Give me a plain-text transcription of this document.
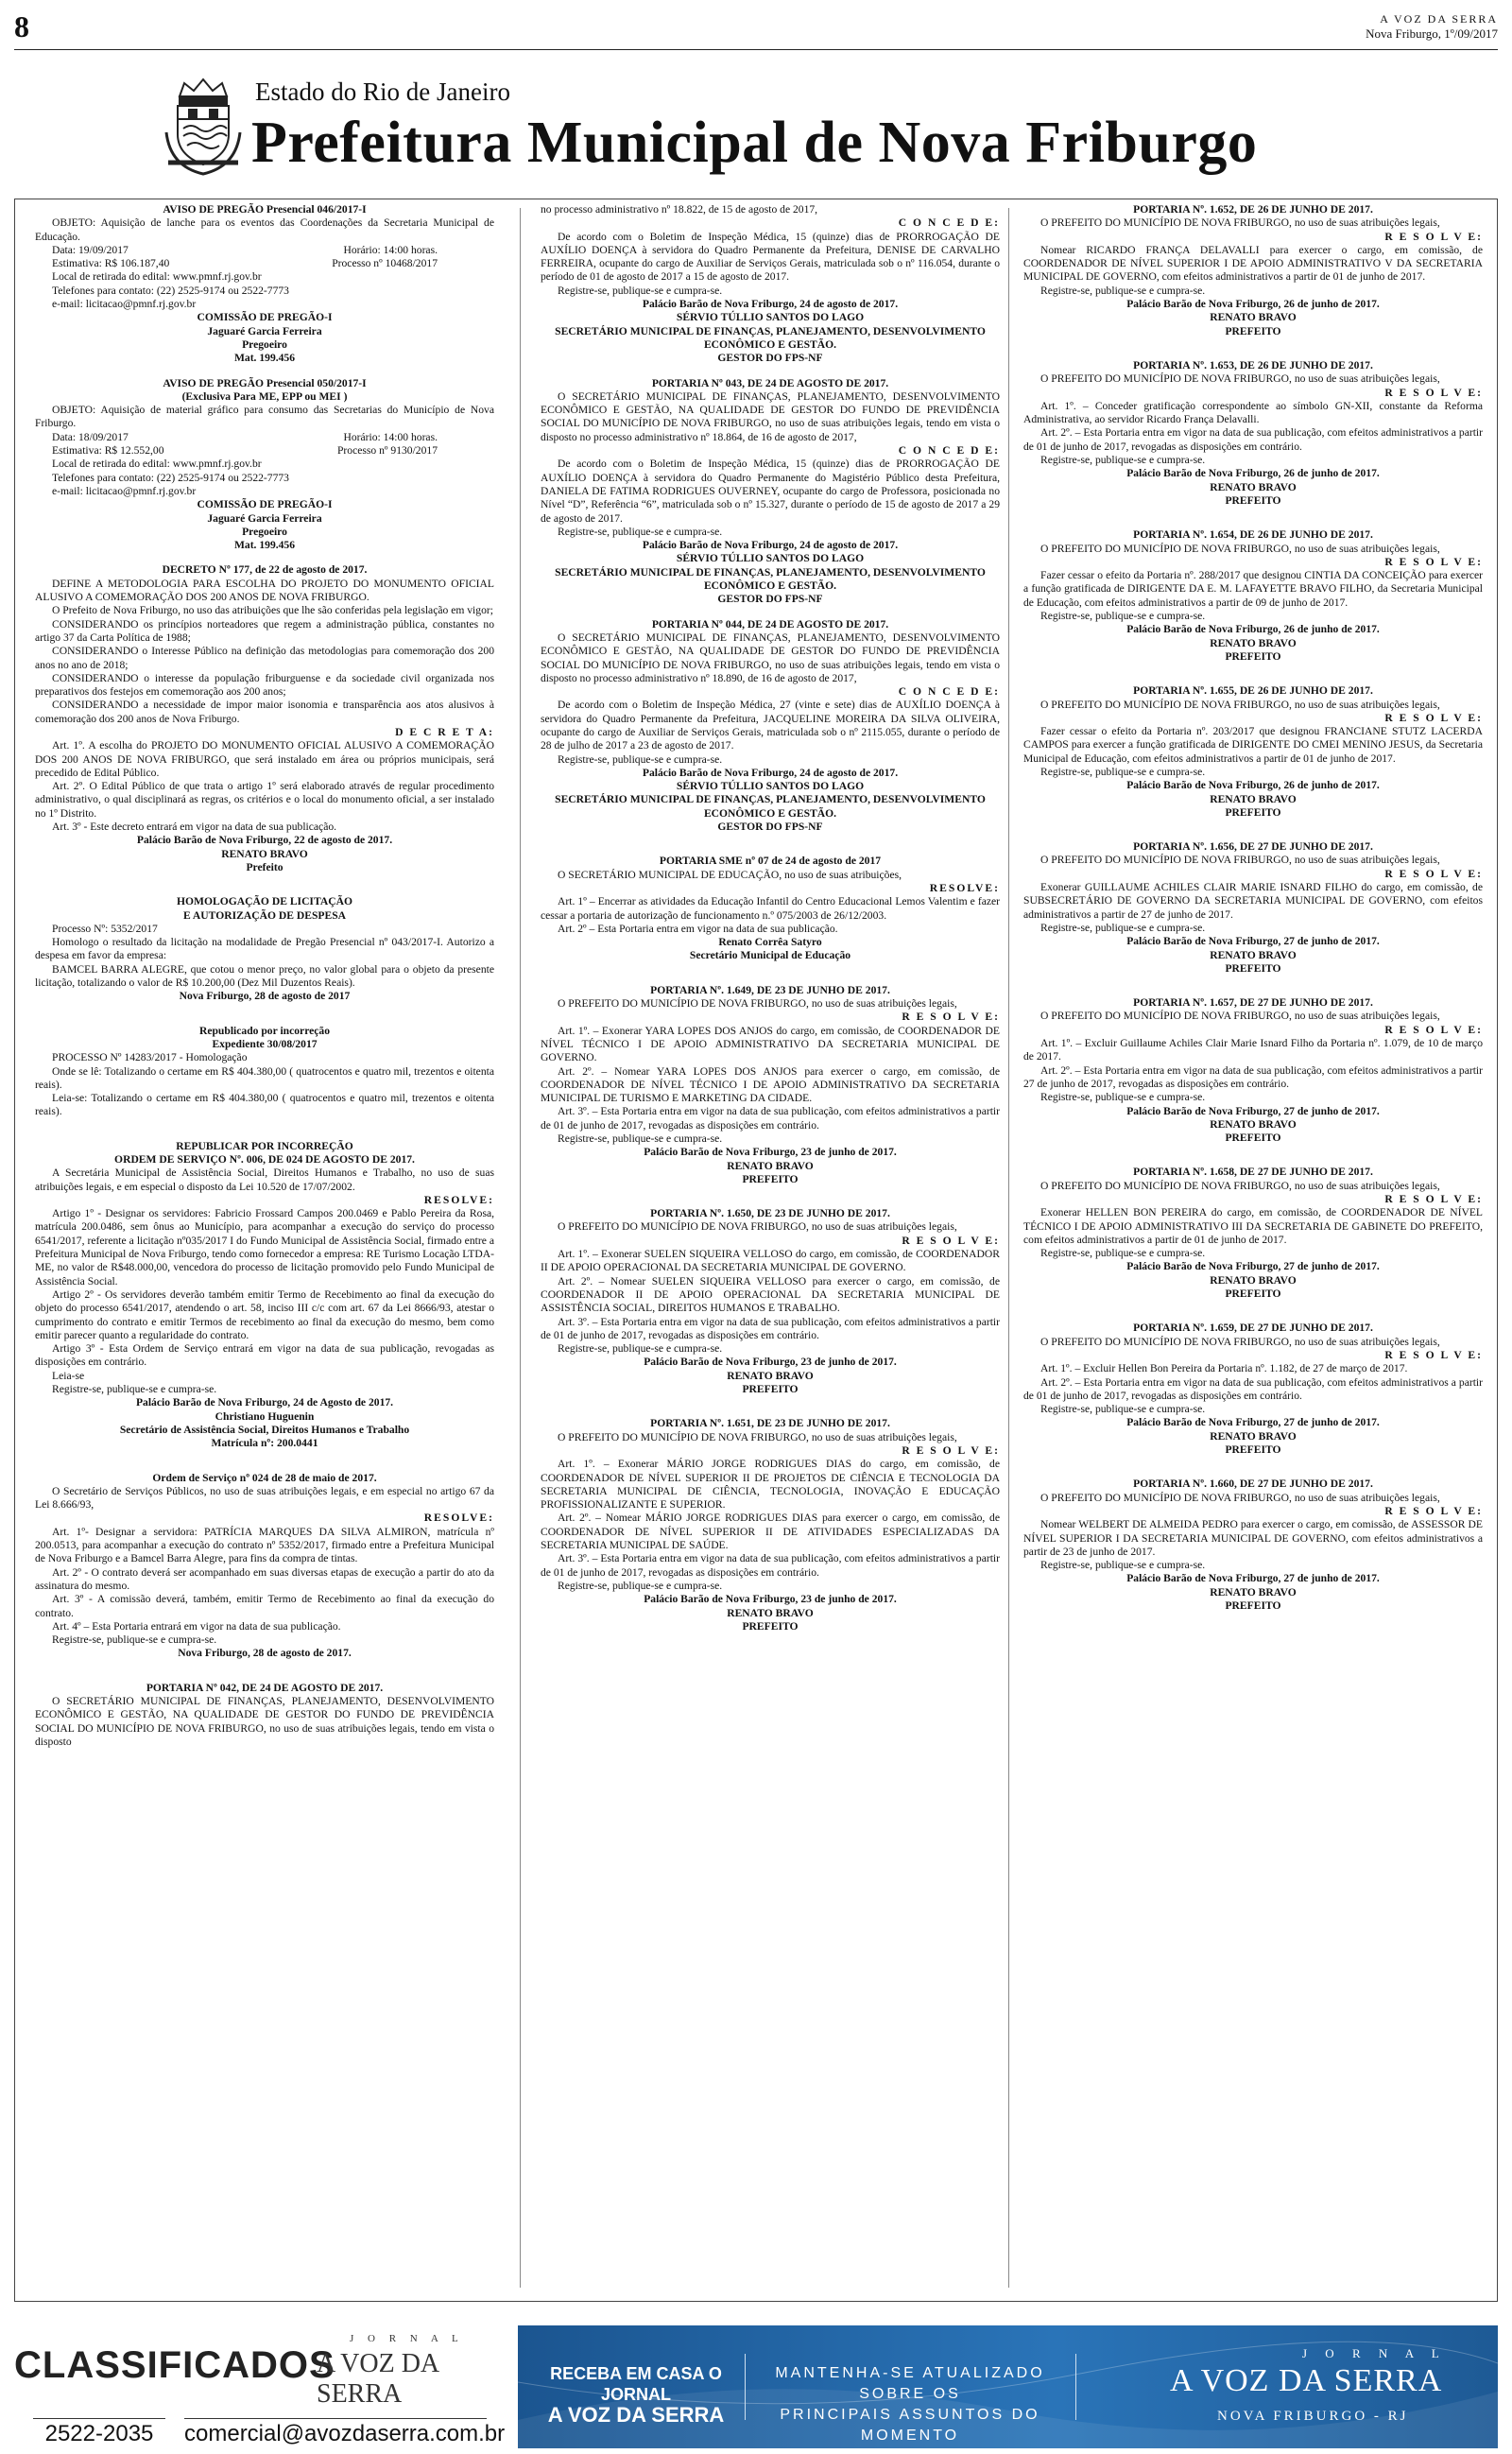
8	A VOZ DA SERRA
Nova Friburgo, 1º/09/2017
Estado do Rio de Janeiro
Prefeitura Municipal de Nova Friburgo

AVISO DE PREGÃO Presencial 046/2017-I

OBJETO: Aquisição de lanche para os eventos das Coordenações da Secretaria Municipal de Educação.

Data: 19/09/2017	Horário: 14:00 horas.
Estimativa: R$ 106.187,40	Processo nº 10468/2017

Local de retirada do edital: www.pmnf.rj.gov.br

Telefones para contato: (22) 2525-9174 ou 2522-7773

e-mail: licitacao@pmnf.rj.gov.br

COMISSÃO DE PREGÃO-I

Jaguaré Garcia Ferreira

Pregoeiro

Mat. 199.456

AVISO DE PREGÃO Presencial 050/2017-I

(Exclusiva Para ME, EPP ou MEI )

OBJETO: Aquisição de material gráfico para consumo das Secretarias do Município de Nova Friburgo.

Data: 18/09/2017	Horário: 14:00 horas.
Estimativa: R$ 12.552,00	Processo nº 9130/2017

Local de retirada do edital: www.pmnf.rj.gov.br

Telefones para contato: (22) 2525-9174 ou 2522-7773

e-mail: licitacao@pmnf.rj.gov.br

COMISSÃO DE PREGÃO-I

Jaguaré Garcia Ferreira

Pregoeiro

Mat. 199.456

DECRETO Nº 177, de 22 de agosto de 2017.

DEFINE A METODOLOGIA PARA ESCOLHA DO PROJETO DO MONUMENTO OFICIAL ALUSIVO A COMEMORAÇÃO DOS 200 ANOS DE NOVA FRIBURGO.

O Prefeito de Nova Friburgo, no uso das atribuições que lhe são conferidas pela legislação em vigor;

CONSIDERANDO os princípios norteadores que regem a administração pública, constantes no artigo 37 da Carta Política de 1988;

CONSIDERANDO o Interesse Público na definição das metodologias para comemoração dos 200 anos no ano de 2018;

CONSIDERANDO o interesse da população friburguense e da sociedade civil organizada nos preparativos dos festejos em comemoração aos 200 anos;

CONSIDERANDO a necessidade de impor maior isonomia e transparência aos atos alusivos à comemoração dos 200 anos de Nova Friburgo.

D E C R E T A:

Art. 1º. A escolha do PROJETO DO MONUMENTO OFICIAL ALUSIVO A COMEMORAÇÃO DOS 200 ANOS DE NOVA FRIBURGO, que será instalado em área ou próprios municipais, será precedido de Edital Público.

Art. 2º. O Edital Público de que trata o artigo 1º será elaborado através de regular procedimento administrativo, o qual disciplinará as regras, os critérios e o local do monumento oficial, a ser instalado no 1º Distrito.

Art. 3º - Este decreto entrará em vigor na data de sua publicação.

Palácio Barão de Nova Friburgo, 22 de agosto de 2017.

RENATO BRAVO

Prefeito

HOMOLOGAÇÃO DE LICITAÇÃO

E AUTORIZAÇÃO DE DESPESA

Processo Nº: 5352/2017

Homologo o resultado da licitação na modalidade de Pregão Presencial nº 043/2017-I. Autorizo a despesa em favor da empresa:

BAMCEL BARRA ALEGRE, que cotou o menor preço, no valor global para o objeto da presente licitação, totalizando o valor de R$ 10.200,00 (Dez Mil Duzentos Reais).

Nova Friburgo, 28 de agosto de 2017

Republicado por incorreção

Expediente 30/08/2017

PROCESSO Nº 14283/2017 - Homologação

Onde se lê: Totalizando o certame em R$ 404.380,00 ( quatrocentos e quatro mil, trezentos e oitenta reais).

Leia-se: Totalizando o certame em R$ 404.380,00 ( quatrocentos e quatro mil, trezentos e oitenta reais).

REPUBLICAR POR INCORREÇÃO

ORDEM DE SERVIÇO Nº. 006, DE 024 DE AGOSTO DE 2017.

A Secretária Municipal de Assistência Social, Direitos Humanos e Trabalho, no uso de suas atribuições legais, e em especial o disposto da Lei 10.520 de 17/07/2002.

RESOLVE:

Artigo 1º - Designar os servidores: Fabricio Frossard Campos 200.0469 e Pablo Pereira da Rosa, matrícula 200.0486, sem ônus ao Município, para acompanhar a execução do serviço do processo 6541/2017, referente a licitação nº035/2017 I do Fundo Municipal de Assistência Social, firmado entre a Prefeitura Municipal de Nova Friburgo, tendo como fornecedor a empresa: RE Turismo Locação LTDA-ME, no valor de R$48.000,00, vencedora do processo de licitação promovido pelo Fundo Municipal de Assistência Social.

Artigo 2º - Os servidores deverão também emitir Termo de Recebimento ao final da execução do objeto do processo 6541/2017, atendendo o art. 58, inciso III c/c com art. 67 da Lei 8666/93, atestar o cumprimento do contrato e emitir Termos de recebimento ao final da execução do mesmo, bem como emitir parecer quanto a regularidade do contrato.

Artigo 3º - Esta Ordem de Serviço entrará em vigor na data de sua publicação, revogadas as disposições em contrário.

Leia-se

Registre-se, publique-se e cumpra-se.

Palácio Barão de Nova Friburgo, 24 de Agosto de 2017.

Christiano Huguenin

Secretário de Assistência Social, Direitos Humanos e Trabalho

Matrícula nº: 200.0441

Ordem de Serviço nº 024 de 28 de maio de 2017.

O Secretário de Serviços Públicos, no uso de suas atribuições legais, e em especial no artigo 67 da Lei 8.666/93,

RESOLVE:

Art. 1º- Designar a servidora: PATRÍCIA MARQUES DA SILVA ALMIRON, matrícula nº 200.0513, para acompanhar a execução do contrato nº 5352/2017, firmado entre a Prefeitura Municipal de Nova Friburgo e a Bamcel Barra Alegre, para fins da compra de tintas.

Art. 2º - O contrato deverá ser acompanhado em suas diversas etapas de execução a partir do ato da assinatura do mesmo.

Art. 3º - A comissão deverá, também, emitir Termo de Recebimento ao final da execução do contrato.

Art. 4º – Esta Portaria entrará em vigor na data de sua publicação.

Registre-se, publique-se e cumpra-se.

Nova Friburgo, 28 de agosto de 2017.

PORTARIA Nº 042, DE 24 DE AGOSTO DE 2017.

O SECRETÁRIO MUNICIPAL DE FINANÇAS, PLANEJAMENTO, DESENVOLVIMENTO ECONÔMICO E GESTÃO, NA QUALIDADE DE GESTOR DO FUNDO DE PREVIDÊNCIA SOCIAL DO MUNICÍPIO DE NOVA FRIBURGO, no uso de suas atribuições legais, tendo em vista o disposto

no processo administrativo nº 18.822, de 15 de agosto de 2017,

C O N C E D E:

De acordo com o Boletim de Inspeção Médica, 15 (quinze) dias de PRORROGAÇÃO DE AUXÍLIO DOENÇA à servidora do Quadro Permanente da Prefeitura, DENISE DE CARVALHO FERREIRA, ocupante do cargo de Auxiliar de Serviços Gerais, matriculada sob o nº 116.054, durante o período de 01 de agosto de 2017 a 15 de agosto de 2017.

Registre-se, publique-se e cumpra-se.

Palácio Barão de Nova Friburgo, 24 de agosto de 2017.

SÉRVIO TÚLLIO SANTOS DO LAGO

SECRETÁRIO MUNICIPAL DE FINANÇAS, PLANEJAMENTO, DESENVOLVIMENTO ECONÔMICO E GESTÃO.

GESTOR DO FPS-NF

PORTARIA Nº 043, DE 24 DE AGOSTO DE 2017.

O SECRETÁRIO MUNICIPAL DE FINANÇAS, PLANEJAMENTO, DESENVOLVIMENTO ECONÔMICO E GESTÃO, NA QUALIDADE DE GESTOR DO FUNDO DE PREVIDÊNCIA SOCIAL DO MUNICÍPIO DE NOVA FRIBURGO, no uso de suas atribuições legais, tendo em vista o disposto no processo administrativo nº 18.864, de 16 de agosto de 2017,

C O N C E D E:

De acordo com o Boletim de Inspeção Médica, 15 (quinze) dias de PRORROGAÇÃO DE AUXÍLIO DOENÇA à servidora do Quadro Permanente do Magistério Público desta Prefeitura, DANIELA DE FATIMA RODRIGUES OUVERNEY, ocupante do cargo de Professora, posicionada no Nível “D”, Referência “6”, matriculada sob o nº 15.327, durante o período de 15 de agosto de 2017 a 29 de agosto de 2017.

Registre-se, publique-se e cumpra-se.

Palácio Barão de Nova Friburgo, 24 de agosto de 2017.

SÉRVIO TÚLLIO SANTOS DO LAGO

SECRETÁRIO MUNICIPAL DE FINANÇAS, PLANEJAMENTO, DESENVOLVIMENTO ECONÔMICO E GESTÃO.

GESTOR DO FPS-NF

PORTARIA Nº 044, DE 24 DE AGOSTO DE 2017.

O SECRETÁRIO MUNICIPAL DE FINANÇAS, PLANEJAMENTO, DESENVOLVIMENTO ECONÔMICO E GESTÃO, NA QUALIDADE DE GESTOR DO FUNDO DE PREVIDÊNCIA SOCIAL DO MUNICÍPIO DE NOVA FRIBURGO, no uso de suas atribuições legais, tendo em vista o disposto no processo administrativo nº 18.890, de 16 de agosto de 2017,

C O N C E D E:

De acordo com o Boletim de Inspeção Médica, 27 (vinte e sete) dias de AUXÍLIO DOENÇA à servidora do Quadro Permanente da Prefeitura, JACQUELINE MOREIRA DA SILVA OLIVEIRA, ocupante do cargo de Auxiliar de Serviços Gerais, matriculada sob o nº 2115.055, durante o período de 28 de julho de 2017 a 23 de agosto de 2017.

Registre-se, publique-se e cumpra-se.

Palácio Barão de Nova Friburgo, 24 de agosto de 2017.

SÉRVIO TÚLLIO SANTOS DO LAGO

SECRETÁRIO MUNICIPAL DE FINANÇAS, PLANEJAMENTO, DESENVOLVIMENTO ECONÔMICO E GESTÃO.

GESTOR DO FPS-NF

PORTARIA SME nº 07 de 24 de agosto de 2017

O SECRETÁRIO MUNICIPAL DE EDUCAÇÃO, no uso de suas atribuições,

RESOLVE:

Art. 1º – Encerrar as atividades da Educação Infantil do Centro Educacional Lemos Valentim e fazer cessar a portaria de autorização de funcionamento n.º 075/2003 de 26/12/2003.

Art. 2º – Esta Portaria entra em vigor na data de sua publicação.

Renato Corrêa Satyro

Secretário Municipal de Educação

PORTARIA Nº. 1.649, DE 23 DE JUNHO DE 2017.

O PREFEITO DO MUNICÍPIO DE NOVA FRIBURGO, no uso de suas atribuições legais,

R E S O L V E:

Art. 1º. – Exonerar YARA LOPES DOS ANJOS do cargo, em comissão, de COORDENADOR DE NÍVEL TÉCNICO I DE APOIO ADMINISTRATIVO DA SECRETARIA MUNICIPAL DE GOVERNO.

Art. 2º. – Nomear YARA LOPES DOS ANJOS para exercer o cargo, em comissão, de COORDENADOR DE NÍVEL TÉCNICO I DE APOIO ADMINISTRATIVO DA SECRETARIA MUNICIPAL DE TURISMO E MARKETING DA CIDADE.

Art. 3º. – Esta Portaria entra em vigor na data de sua publicação, com efeitos administrativos a partir de 01 de junho de 2017, revogadas as disposições em contrário.

Registre-se, publique-se e cumpra-se.

Palácio Barão de Nova Friburgo, 23 de junho de 2017.

RENATO BRAVO

PREFEITO

PORTARIA Nº. 1.650, DE 23 DE JUNHO DE 2017.

O PREFEITO DO MUNICÍPIO DE NOVA FRIBURGO, no uso de suas atribuições legais,

R E S O L V E:

Art. 1º. – Exonerar SUELEN SIQUEIRA VELLOSO do cargo, em comissão, de COORDENADOR II DE APOIO OPERACIONAL DA SECRETARIA MUNICIPAL DE GOVERNO.

Art. 2º. – Nomear SUELEN SIQUEIRA VELLOSO para exercer o cargo, em comissão, de COORDENADOR II DE APOIO OPERACIONAL DA SECRETARIA MUNICIPAL DE ASSISTÊNCIA SOCIAL, DIREITOS HUMANOS E TRABALHO.

Art. 3º. – Esta Portaria entra em vigor na data de sua publicação, com efeitos administrativos a partir de 01 de junho de 2017, revogadas as disposições em contrário.

Registre-se, publique-se e cumpra-se.

Palácio Barão de Nova Friburgo, 23 de junho de 2017.

RENATO BRAVO

PREFEITO

PORTARIA Nº. 1.651, DE 23 DE JUNHO DE 2017.

O PREFEITO DO MUNICÍPIO DE NOVA FRIBURGO, no uso de suas atribuições legais,

R E S O L V E:

Art. 1º. – Exonerar MÁRIO JORGE RODRIGUES DIAS do cargo, em comissão, de COORDENADOR DE NÍVEL SUPERIOR II DE PROJETOS DE CIÊNCIA E TECNOLOGIA DA SECRETARIA MUNICIPAL DE CIÊNCIA, TECNOLOGIA, INOVAÇÃO E EDUCAÇÃO PROFISSIONALIZANTE E SUPERIOR.

Art. 2º. – Nomear MÁRIO JORGE RODRIGUES DIAS para exercer o cargo, em comissão, de COORDENADOR DE NÍVEL SUPERIOR II DE ATIVIDADES ESPECIALIZADAS DA SECRETARIA MUNICIPAL DE SAÚDE.

Art. 3º. – Esta Portaria entra em vigor na data de sua publicação, com efeitos administrativos a partir de 01 de junho de 2017, revogadas as disposições em contrário.

Registre-se, publique-se e cumpra-se.

Palácio Barão de Nova Friburgo, 23 de junho de 2017.

RENATO BRAVO

PREFEITO

PORTARIA Nº. 1.652, DE 26 DE JUNHO DE 2017.

O PREFEITO DO MUNICÍPIO DE NOVA FRIBURGO, no uso de suas atribuições legais,

R E S O L V E:

Nomear RICARDO FRANÇA DELAVALLI para exercer o cargo, em comissão, de COORDENADOR DE NÍVEL SUPERIOR I DE APOIO ADMINISTRATIVO V DA SECRETARIA MUNICIPAL DE GOVERNO, com efeitos administrativos a partir de 01 de junho de 2017.

Registre-se, publique-se e cumpra-se.

Palácio Barão de Nova Friburgo, 26 de junho de 2017.

RENATO BRAVO

PREFEITO

PORTARIA Nº. 1.653, DE 26 DE JUNHO DE 2017.

O PREFEITO DO MUNICÍPIO DE NOVA FRIBURGO, no uso de suas atribuições legais,

R E S O L V E:

Art. 1º. – Conceder gratificação correspondente ao símbolo GN-XII, constante da Reforma Administrativa, ao servidor Ricardo França Delavalli.

Art. 2º. – Esta Portaria entra em vigor na data de sua publicação, com efeitos administrativos a partir de 01 de junho de 2017, revogadas as disposições em contrário.

Registre-se, publique-se e cumpra-se.

Palácio Barão de Nova Friburgo, 26 de junho de 2017.

RENATO BRAVO

PREFEITO

PORTARIA Nº. 1.654, DE 26 DE JUNHO DE 2017.

O PREFEITO DO MUNICÍPIO DE NOVA FRIBURGO, no uso de suas atribuições legais,

R E S O L V E:

Fazer cessar o efeito da Portaria nº. 288/2017 que designou CINTIA DA CONCEIÇÃO para exercer a função gratificada de DIRIGENTE DA E. M. LAFAYETTE BRAVO FILHO, da Secretaria Municipal de Educação, com efeitos administrativos a partir de 09 de junho de 2017.

Registre-se, publique-se e cumpra-se.

Palácio Barão de Nova Friburgo, 26 de junho de 2017.

RENATO BRAVO

PREFEITO

PORTARIA Nº. 1.655, DE 26 DE JUNHO DE 2017.

O PREFEITO DO MUNICÍPIO DE NOVA FRIBURGO, no uso de suas atribuições legais,

R E S O L V E:

Fazer cessar o efeito da Portaria nº. 203/2017 que designou FRANCIANE STUTZ LACERDA CAMPOS para exercer a função gratificada de DIRIGENTE DO CMEI MENINO JESUS, da Secretaria Municipal de Educação, com efeitos administrativos a partir de 01 de junho de 2017.

Registre-se, publique-se e cumpra-se.

Palácio Barão de Nova Friburgo, 26 de junho de 2017.

RENATO BRAVO

PREFEITO

PORTARIA Nº. 1.656, DE 27 DE JUNHO DE 2017.

O PREFEITO DO MUNICÍPIO DE NOVA FRIBURGO, no uso de suas atribuições legais,

R E S O L V E:

Exonerar GUILLAUME ACHILES CLAIR MARIE ISNARD FILHO do cargo, em comissão, de SUBSECRETÁRIO DE GOVERNO DA SECRETARIA MUNICIPAL DE GOVERNO, com efeitos administrativos a partir de 27 de junho de 2017.

Registre-se, publique-se e cumpra-se.

Palácio Barão de Nova Friburgo, 27 de junho de 2017.

RENATO BRAVO

PREFEITO

PORTARIA Nº. 1.657, DE 27 DE JUNHO DE 2017.

O PREFEITO DO MUNICÍPIO DE NOVA FRIBURGO, no uso de suas atribuições legais,

R E S O L V E:

Art. 1º. – Excluir Guillaume Achiles Clair Marie Isnard Filho da Portaria nº. 1.079, de 10 de março de 2017.

Art. 2º. – Esta Portaria entra em vigor na data de sua publicação, com efeitos administrativos a partir 27 de junho de 2017, revogadas as disposições em contrário.

Registre-se, publique-se e cumpra-se.

Palácio Barão de Nova Friburgo, 27 de junho de 2017.

RENATO BRAVO

PREFEITO

PORTARIA Nº. 1.658, DE 27 DE JUNHO DE 2017.

O PREFEITO DO MUNICÍPIO DE NOVA FRIBURGO, no uso de suas atribuições legais,

R E S O L V E:

Exonerar HELLEN BON PEREIRA do cargo, em comissão, de COORDENADOR DE NÍVEL TÉCNICO I DE APOIO ADMINISTRATIVO III DA SECRETARIA DE GABINETE DO PREFEITO, com efeitos administrativos a partir de 01 de junho de 2017.

Registre-se, publique-se e cumpra-se.

Palácio Barão de Nova Friburgo, 27 de junho de 2017.

RENATO BRAVO

PREFEITO

PORTARIA Nº. 1.659, DE 27 DE JUNHO DE 2017.

O PREFEITO DO MUNICÍPIO DE NOVA FRIBURGO, no uso de suas atribuições legais,

R E S O L V E:

Art. 1º. – Excluir Hellen Bon Pereira da Portaria nº. 1.182, de 27 de março de 2017.

Art. 2º. – Esta Portaria entra em vigor na data de sua publicação, com efeitos administrativos a partir de 01 de junho de 2017, revogadas as disposições em contrário.

Registre-se, publique-se e cumpra-se.

Palácio Barão de Nova Friburgo, 27 de junho de 2017.

RENATO BRAVO

PREFEITO

PORTARIA Nº. 1.660, DE 27 DE JUNHO DE 2017.

O PREFEITO DO MUNICÍPIO DE NOVA FRIBURGO, no uso de suas atribuições legais,

R E S O L V E:

Nomear WELBERT DE ALMEIDA PEDRO para exercer o cargo, em comissão, de ASSESSOR DE NÍVEL SUPERIOR I DA SECRETARIA MUNICIPAL DE GOVERNO, com efeitos administrativos a partir de 23 de junho de 2017.

Registre-se, publique-se e cumpra-se.

Palácio Barão de Nova Friburgo, 27 de junho de 2017.

RENATO BRAVO

PREFEITO

CLASSIFICADOS
J O R N A L
A VOZ DA SERRA
2522-2035	comercial@avozdaserra.com.br
RECEBA EM CASA O JORNAL
A VOZ DA SERRA
MANTENHA-SE ATUALIZADO SOBRE OS
PRINCIPAIS ASSUNTOS DO MOMENTO
J O R N A L
A VOZ DA SERRA
NOVA FRIBURGO - RJ
